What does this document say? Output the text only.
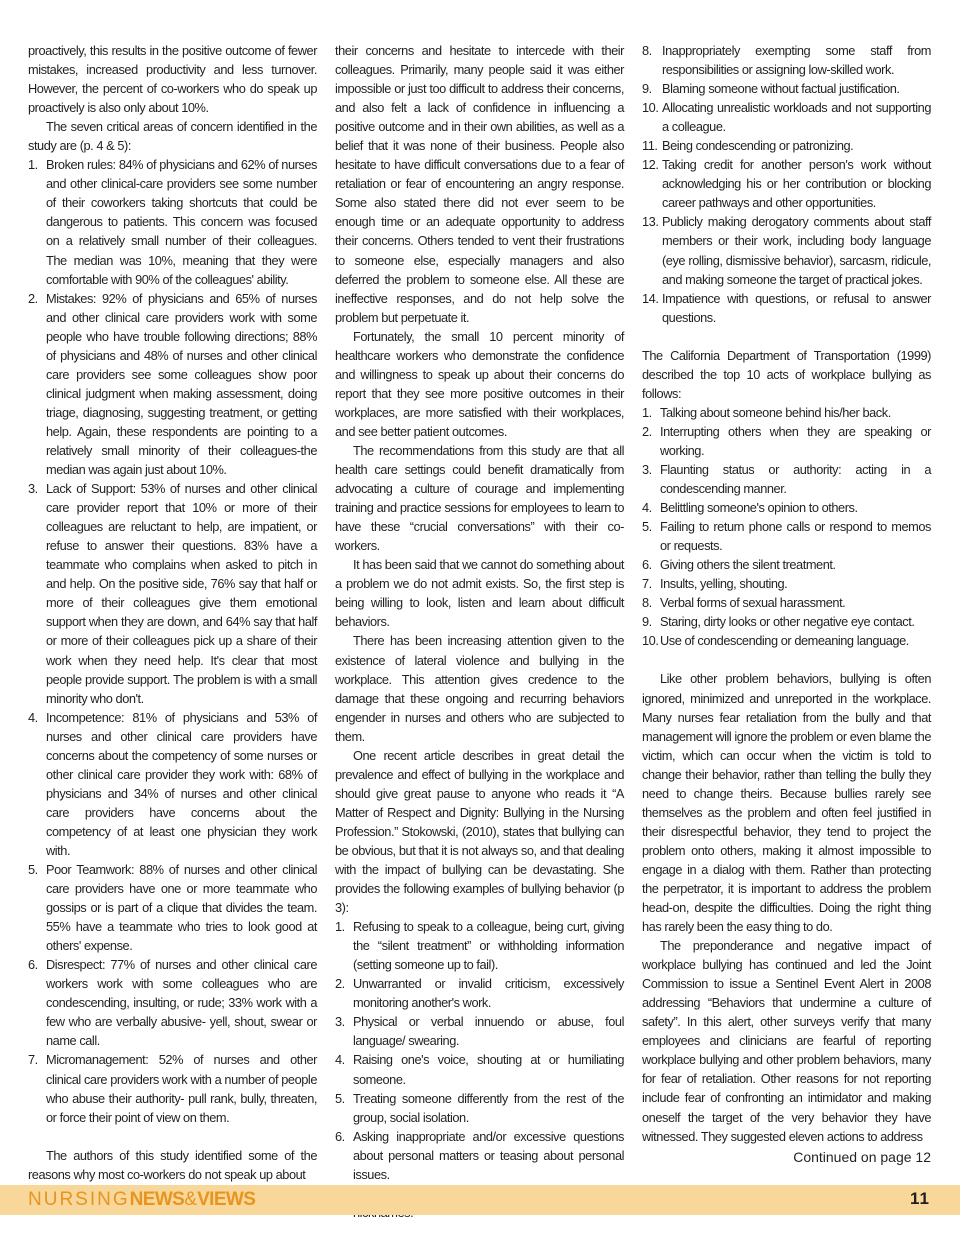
proactively, this results in the positive outcome of fewer mistakes, increased productivity and less turnover. However, the percent of co-workers who do speak up proactively is also only about 10%.

The seven critical areas of concern identified in the study are (p. 4 & 5):

1. Broken rules: 84% of physicians and 62% of nurses and other clinical-care providers see some number of their coworkers taking shortcuts that could be dangerous to patients. This concern was focused on a relatively small number of their colleagues. The median was 10%, meaning that they were comfortable with 90% of the colleagues' ability.
2. Mistakes: 92% of physicians and 65% of nurses and other clinical care providers work with some people who have trouble following directions; 88% of physicians and 48% of nurses and other clinical care providers see some colleagues show poor clinical judgment when making assessment, doing triage, diagnosing, suggesting treatment, or getting help. Again, these respondents are pointing to a relatively small minority of their colleagues-the median was again just about 10%.
3. Lack of Support: 53% of nurses and other clinical care provider report that 10% or more of their colleagues are reluctant to help, are impatient, or refuse to answer their questions. 83% have a teammate who complains when asked to pitch in and help. On the positive side, 76% say that half or more of their colleagues give them emotional support when they are down, and 64% say that half or more of their colleagues pick up a share of their work when they need help. It's clear that most people provide support. The problem is with a small minority who don't.
4. Incompetence: 81% of physicians and 53% of nurses and other clinical care providers have concerns about the competency of some nurses or other clinical care provider they work with: 68% of physicians and 34% of nurses and other clinical care providers have concerns about the competency of at least one physician they work with.
5. Poor Teamwork: 88% of nurses and other clinical care providers have one or more teammate who gossips or is part of a clique that divides the team. 55% have a teammate who tries to look good at others' expense.
6. Disrespect: 77% of nurses and other clinical care workers work with some colleagues who are condescending, insulting, or rude; 33% work with a few who are verbally abusive- yell, shout, swear or name call.
7. Micromanagement: 52% of nurses and other clinical care providers work with a number of people who abuse their authority- pull rank, bully, threaten, or force their point of view on them.

The authors of this study identified some of the reasons why most co-workers do not speak up about

their concerns and hesitate to intercede with their colleagues. Primarily, many people said it was either impossible or just too difficult to address their concerns, and also felt a lack of confidence in influencing a positive outcome and in their own abilities, as well as a belief that it was none of their business. People also hesitate to have difficult conversations due to a fear of retaliation or fear of encountering an angry response. Some also stated there did not ever seem to be enough time or an adequate opportunity to address their concerns. Others tended to vent their frustrations to someone else, especially managers and also deferred the problem to someone else. All these are ineffective responses, and do not help solve the problem but perpetuate it.

Fortunately, the small 10 percent minority of healthcare workers who demonstrate the confidence and willingness to speak up about their concerns do report that they see more positive outcomes in their workplaces, are more satisfied with their workplaces, and see better patient outcomes.

The recommendations from this study are that all health care settings could benefit dramatically from advocating a culture of courage and implementing training and practice sessions for employees to learn to have these “crucial conversations” with their co-workers.

It has been said that we cannot do something about a problem we do not admit exists. So, the first step is being willing to look, listen and learn about difficult behaviors.

There has been increasing attention given to the existence of lateral violence and bullying in the workplace. This attention gives credence to the damage that these ongoing and recurring behaviors engender in nurses and others who are subjected to them.

One recent article describes in great detail the prevalence and effect of bullying in the workplace and should give great pause to anyone who reads it “A Matter of Respect and Dignity: Bullying in the Nursing Profession.” Stokowski, (2010), states that bullying can be obvious, but that it is not always so, and that dealing with the impact of bullying can be devastating. She provides the following examples of bullying behavior (p 3):

1. Refusing to speak to a colleague, being curt, giving the “silent treatment” or withholding information (setting someone up to fail).
2. Unwarranted or invalid criticism, excessively monitoring another's work.
3. Physical or verbal innuendo or abuse, foul language/ swearing.
4. Raising one's voice, shouting at or humiliating someone.
5. Treating someone differently from the rest of the group, social isolation.
6. Asking inappropriate and/or excessive questions about personal matters or teasing about personal issues.
8. Inappropriately exempting some staff from responsibilities or assigning low-skilled work.
9. Blaming someone without factual justification.
10. Allocating unrealistic workloads and not supporting a colleague.
11. Being condescending or patronizing.
12. Taking credit for another person's work without acknowledging his or her contribution or blocking career pathways and other opportunities.
13. Publicly making derogatory comments about staff members or their work, including body language (eye rolling, dismissive behavior), sarcasm, ridicule, and making someone the target of practical jokes.
14. Impatience with questions, or refusal to answer questions.

The California Department of Transportation (1999) described the top 10 acts of workplace bullying as follows:

1. Talking about someone behind his/her back.
2. Interrupting others when they are speaking or working.
3. Flaunting status or authority: acting in a condescending manner.
4. Belittling someone's opinion to others.
5. Failing to return phone calls or respond to memos or requests.
6. Giving others the silent treatment.
7. Insults, yelling, shouting.
8. Verbal forms of sexual harassment.
9. Staring, dirty looks or other negative eye contact.
10. Use of condescending or demeaning language.

Like other problem behaviors, bullying is often ignored, minimized and unreported in the workplace. Many nurses fear retaliation from the bully and that management will ignore the problem or even blame the victim, which can occur when the victim is told to change their behavior, rather than telling the bully they need to change theirs. Because bullies rarely see themselves as the problem and often feel justified in their disrespectful behavior, they tend to project the problem onto others, making it almost impossible to engage in a dialog with them. Rather than protecting the perpetrator, it is important to address the problem head-on, despite the difficulties. Doing the right thing has rarely been the easy thing to do.

The preponderance and negative impact of workplace bullying has continued and led the Joint Commission to issue a Sentinel Event Alert in 2008 addressing “Behaviors that undermine a culture of safety”. In this alert, other surveys verify that many employees and clinicians are fearful of reporting workplace bullying and other problem behaviors, many for fear of retaliation. Other reasons for not reporting include fear of confronting an intimidator and making oneself the target of the very behavior they have witnessed. They suggested eleven actions to address

Continued on page 12
NURSINGNEWS&VIEWS	11
